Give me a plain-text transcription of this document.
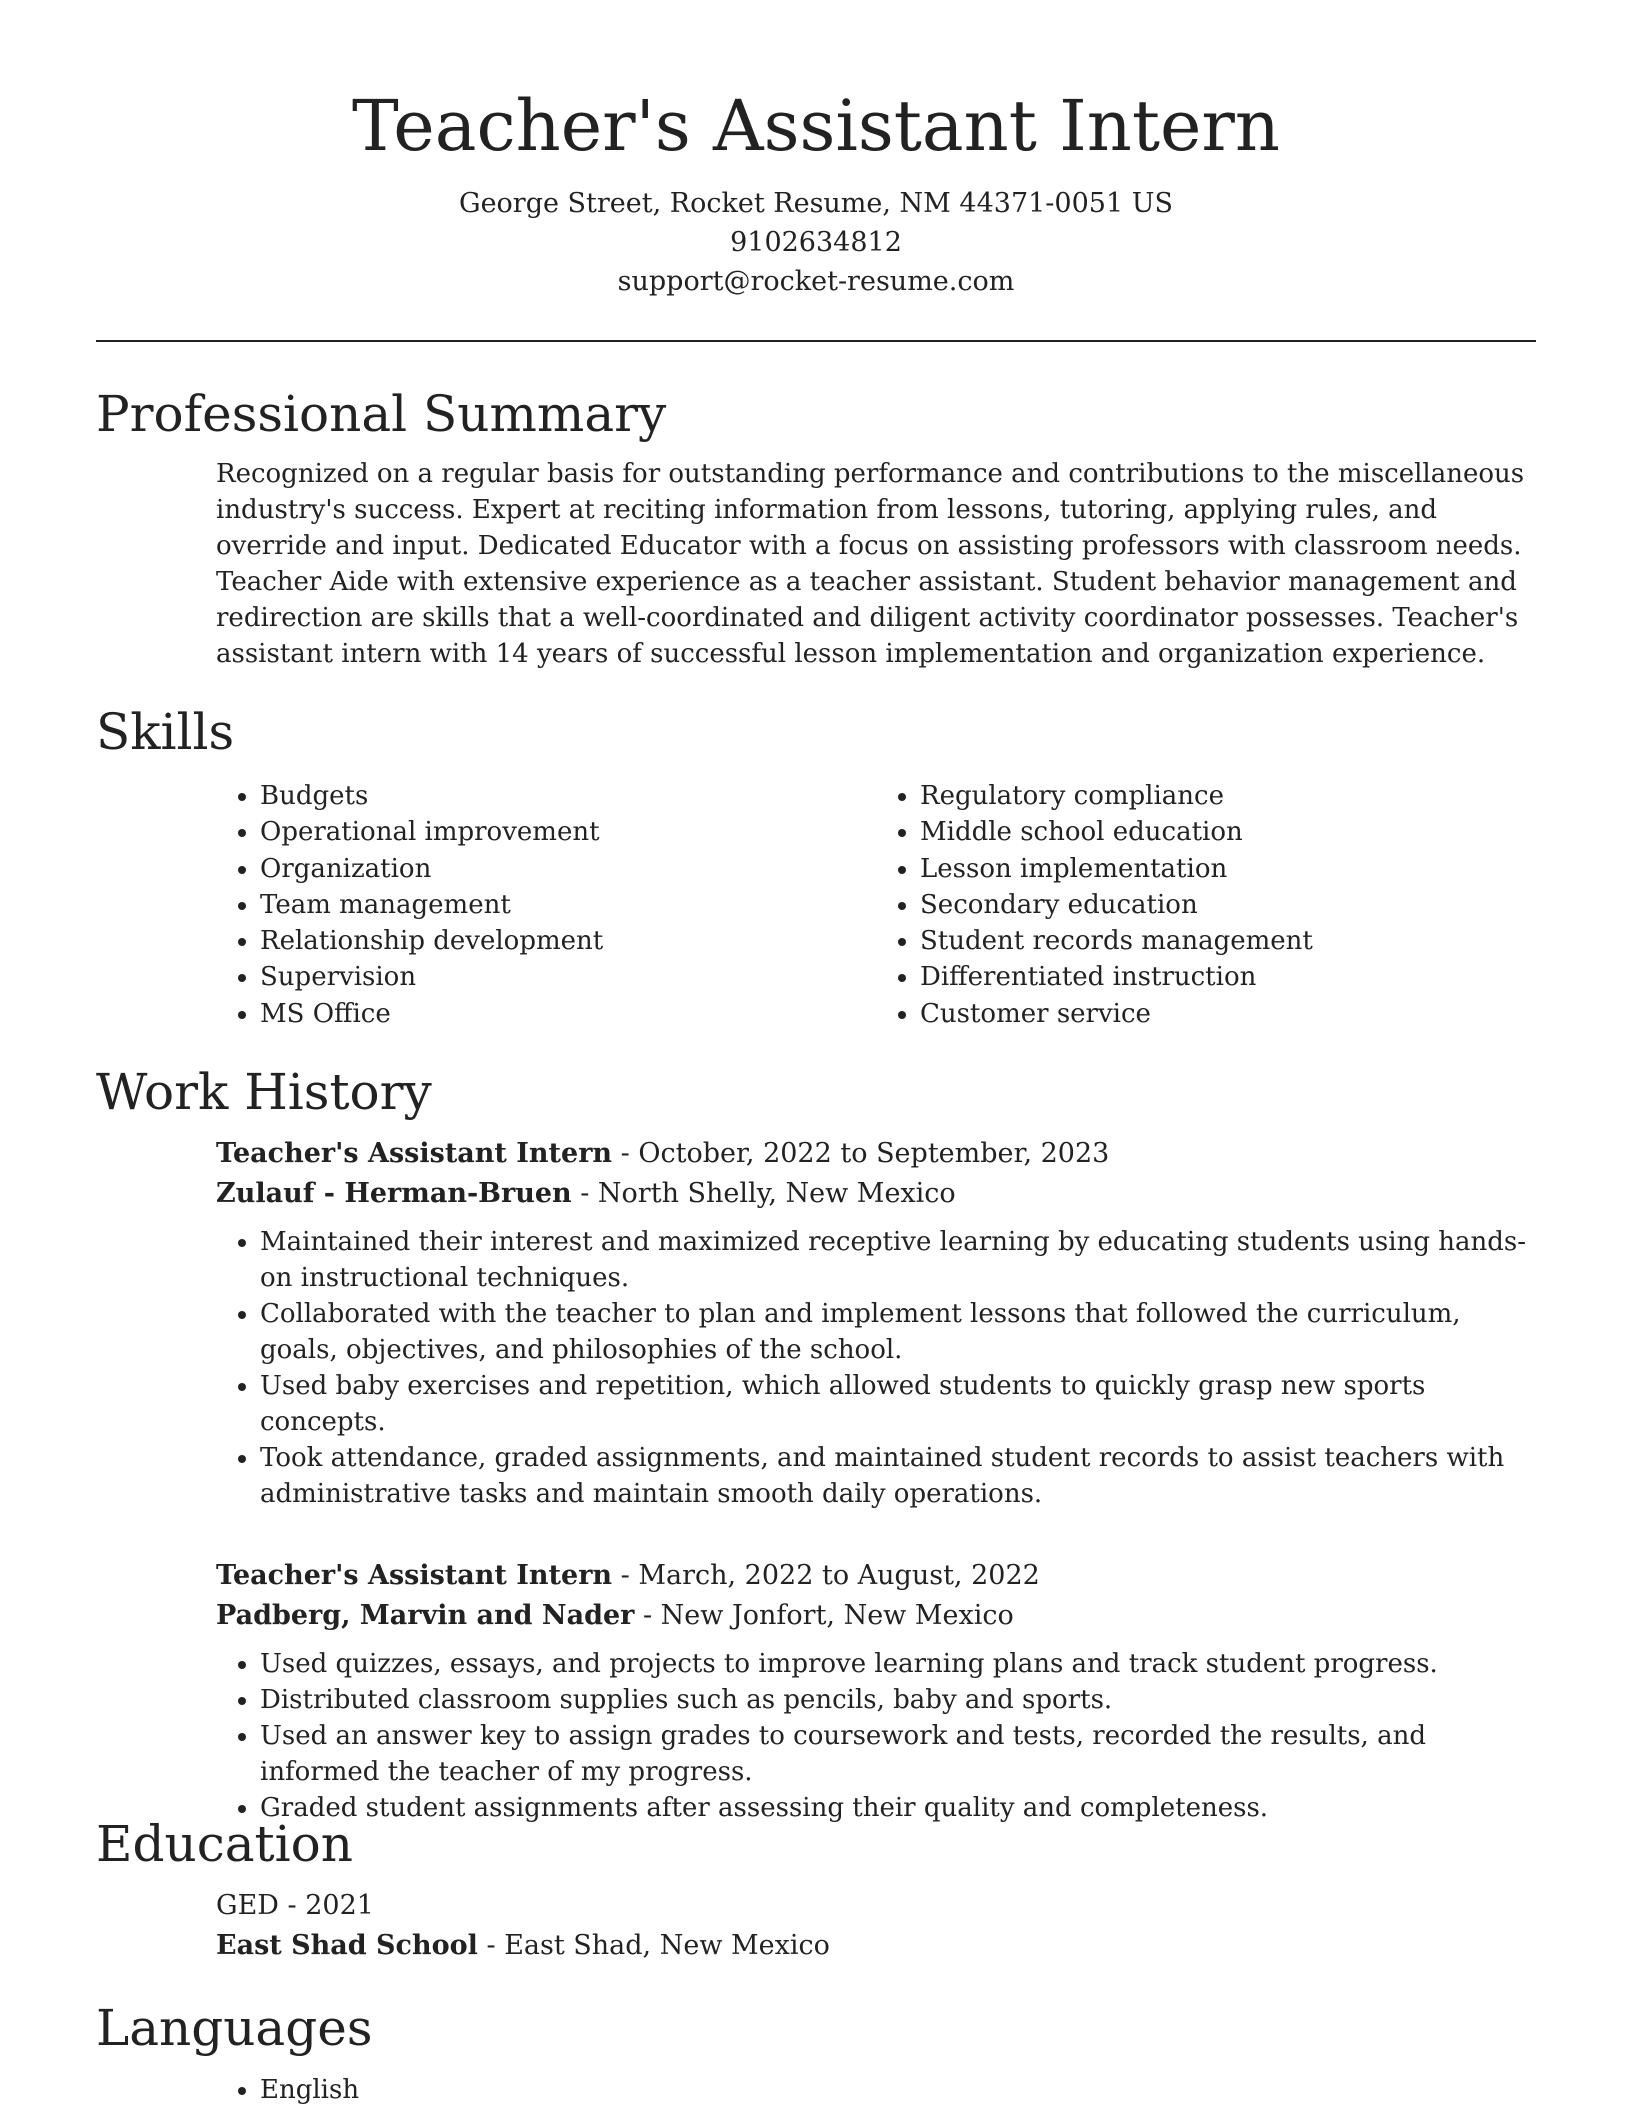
Teacher's Assistant Intern
George Street, Rocket Resume, NM 44371-0051 US
9102634812
support@rocket-resume.com
Professional Summary
Recognized on a regular basis for outstanding performance and contributions to the miscellaneous industry's success. Expert at reciting information from lessons, tutoring, applying rules, and override and input. Dedicated Educator with a focus on assisting professors with classroom needs. Teacher Aide with extensive experience as a teacher assistant. Student behavior management and redirection are skills that a well-coordinated and diligent activity coordinator possesses. Teacher's assistant intern with 14 years of successful lesson implementation and organization experience.
Skills
• Budgets
• Operational improvement
• Organization
• Team management
• Relationship development
• Supervision
• MS Office
• Regulatory compliance
• Middle school education
• Lesson implementation
• Secondary education
• Student records management
• Differentiated instruction
• Customer service
Work History
Teacher's Assistant Intern - October, 2022 to September, 2023
Zulauf - Herman-Bruen - North Shelly, New Mexico
• Maintained their interest and maximized receptive learning by educating students using hands-on instructional techniques.
• Collaborated with the teacher to plan and implement lessons that followed the curriculum, goals, objectives, and philosophies of the school.
• Used baby exercises and repetition, which allowed students to quickly grasp new sports concepts.
• Took attendance, graded assignments, and maintained student records to assist teachers with administrative tasks and maintain smooth daily operations.
Teacher's Assistant Intern - March, 2022 to August, 2022
Padberg, Marvin and Nader - New Jonfort, New Mexico
• Used quizzes, essays, and projects to improve learning plans and track student progress.
• Distributed classroom supplies such as pencils, baby and sports.
• Used an answer key to assign grades to coursework and tests, recorded the results, and informed the teacher of my progress.
• Graded student assignments after assessing their quality and completeness.
Education
GED - 2021
East Shad School - East Shad, New Mexico
Languages
• English
